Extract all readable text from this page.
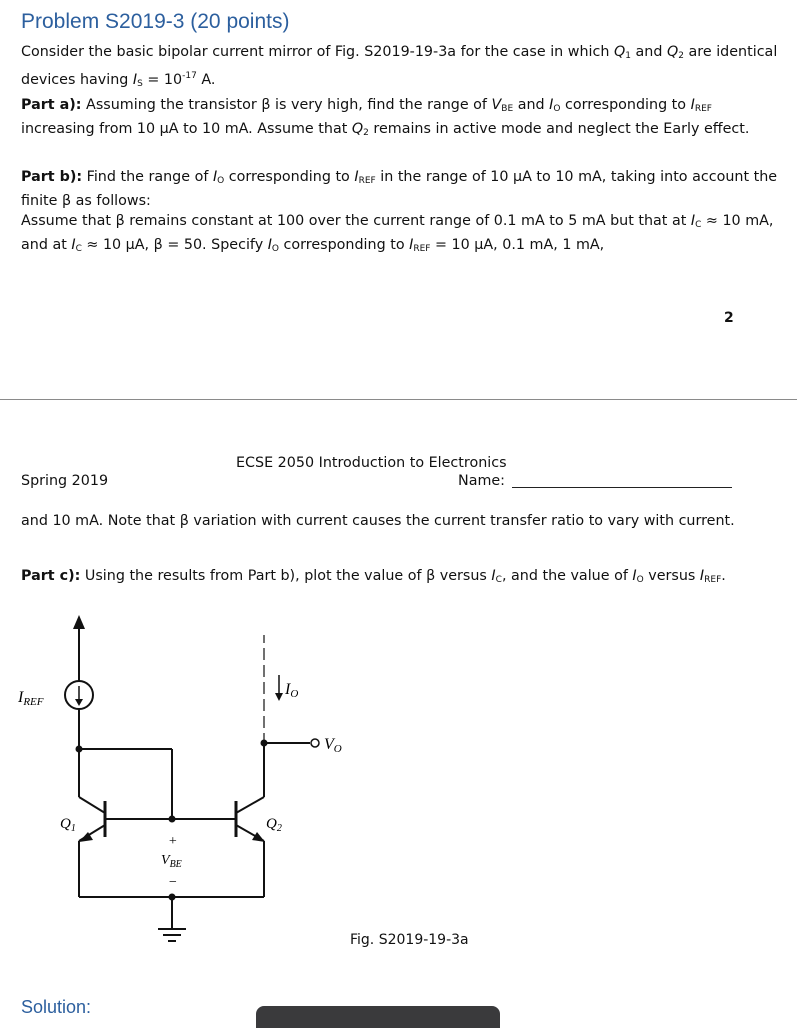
Problem S2019-3 (20 points)
Consider the basic bipolar current mirror of Fig. S2019-19-3a for the case in which $Q_1$ and $Q_2$ are identical devices having $I_S = 10^{-17}$ A.
Part a): Assuming the transistor β is very high, find the range of $V_{BE}$ and $I_O$ corresponding to $I_{REF}$ increasing from 10 μA to 10 mA. Assume that $Q_2$ remains in active mode and neglect the Early effect.
Part b): Find the range of $I_O$ corresponding to $I_{REF}$ in the range of 10 μA to 10 mA, taking into account the finite β as follows:
Assume that β remains constant at 100 over the current range of 0.1 mA to 5 mA but that at $I_C \approx 10$ mA, and at $I_C \approx 10$ μA, β = 50. Specify $I_O$ corresponding to $I_{REF} = 10$ μA, 0.1 mA, 1 mA,
2
ECSE 2050 Introduction to Electronics
Spring 2019	Name:
and 10 mA. Note that β variation with current causes the current transfer ratio to vary with current.
Part c): Using the results from Part b), plot the value of β versus $I_C$, and the value of $I_O$ versus $I_{REF}$.
IREF
IO
VO
$Q_1$	$Q_2$
+
$V_{BE}$
−
Fig. S2019-19-3a
Solution:
